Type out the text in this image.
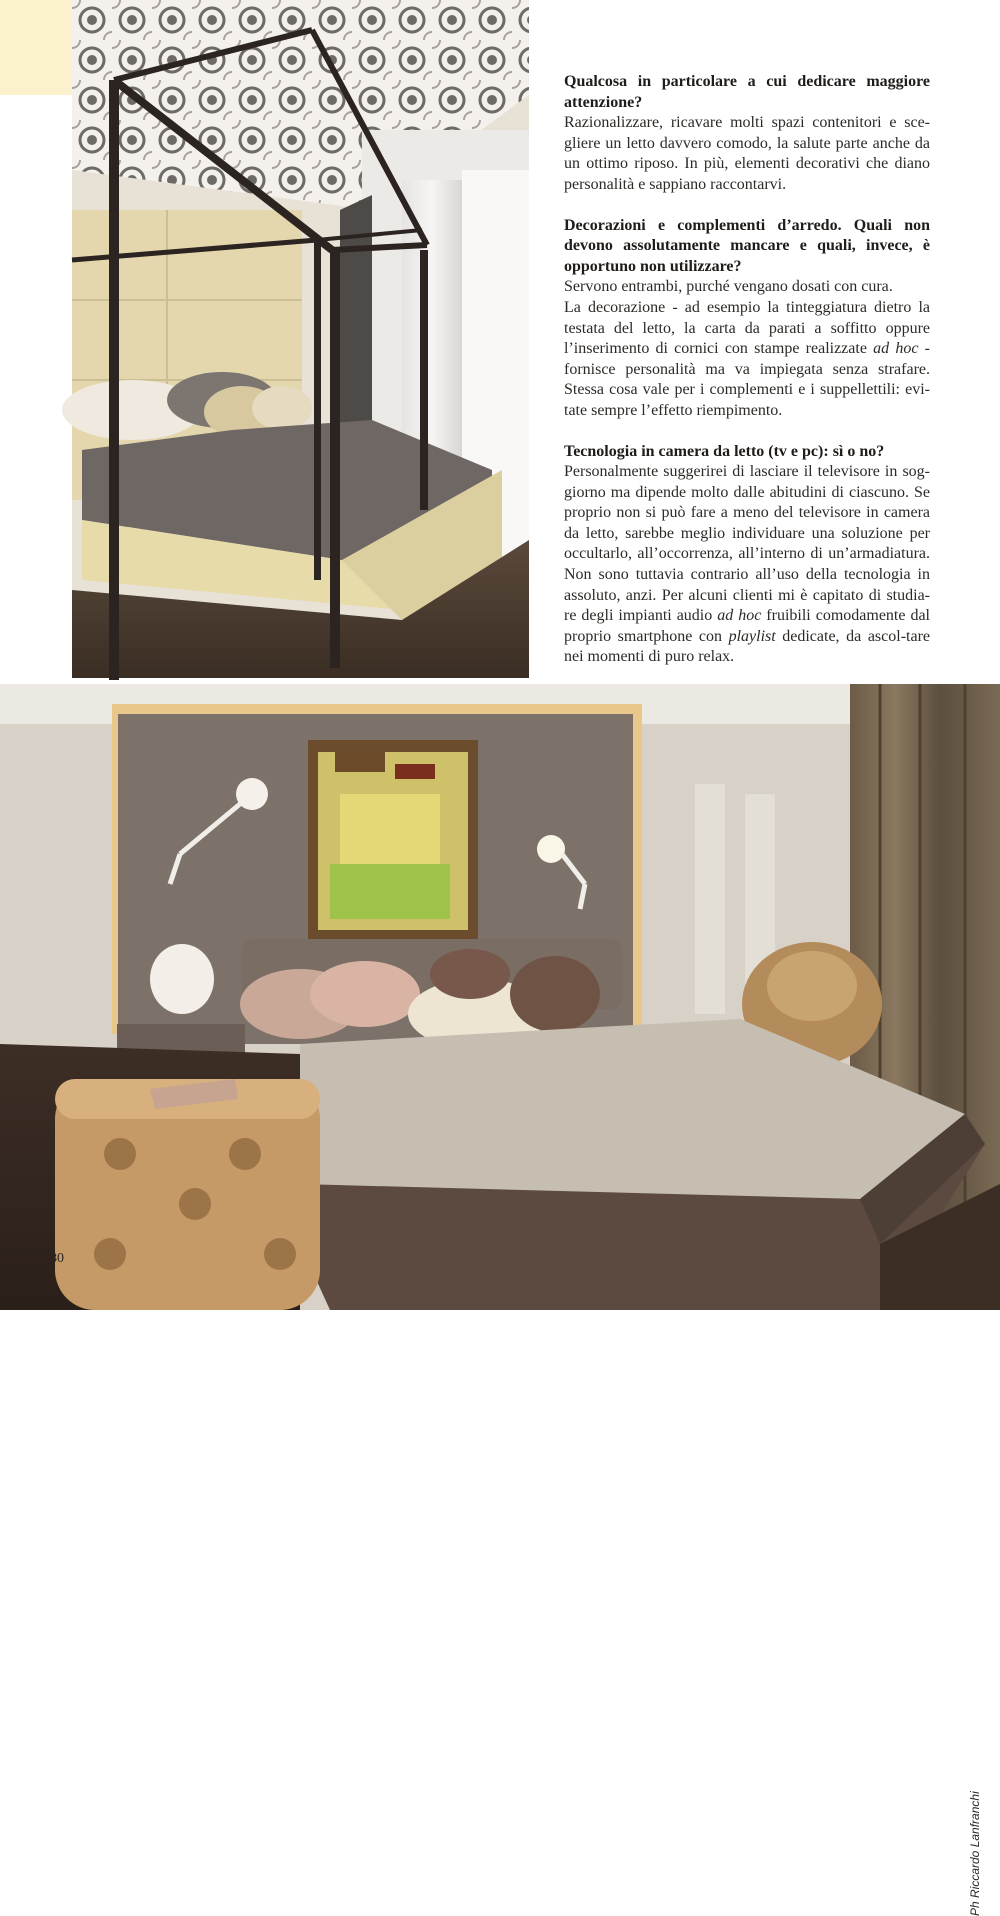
Ph Matteo Cirenei

Qualcosa in particolare a cui dedicare maggiore attenzione?

Razionalizzare, ricavare molti spazi contenitori e sce-gliere un letto davvero comodo, la salute parte anche da un ottimo riposo. In più, elementi decorativi che diano personalità e sappiano raccontarvi.

Decorazioni e complementi d’arredo. Quali non devono assolutamente mancare e quali, invece, è opportuno non utilizzare?

Servono entrambi, purché vengano dosati con cura.

La decorazione - ad esempio la tinteggiatura dietro la testata del letto, la carta da parati a soffitto oppure l’inserimento di cornici con stampe realizzate ad hoc - fornisce personalità ma va impiegata senza strafare. Stessa cosa vale per i complementi e i suppellettili: evi-tate sempre l’effetto riempimento.

Tecnologia in camera da letto (tv e pc): sì o no?

Personalmente suggerirei di lasciare il televisore in sog-giorno ma dipende molto dalle abitudini di ciascuno. Se proprio non si può fare a meno del televisore in camera da letto, sarebbe meglio individuare una soluzione per occultarlo, all’occorrenza, all’interno di un’armadiatura. Non sono tuttavia contrario all’uso della tecnologia in assoluto, anzi. Per alcuni clienti mi è capitato di studia-re degli impianti audio ad hoc fruibili comodamente dal proprio smartphone con playlist dedicate, da ascol-tare nei momenti di puro relax.

Ph Riccardo Lanfranchi
180
